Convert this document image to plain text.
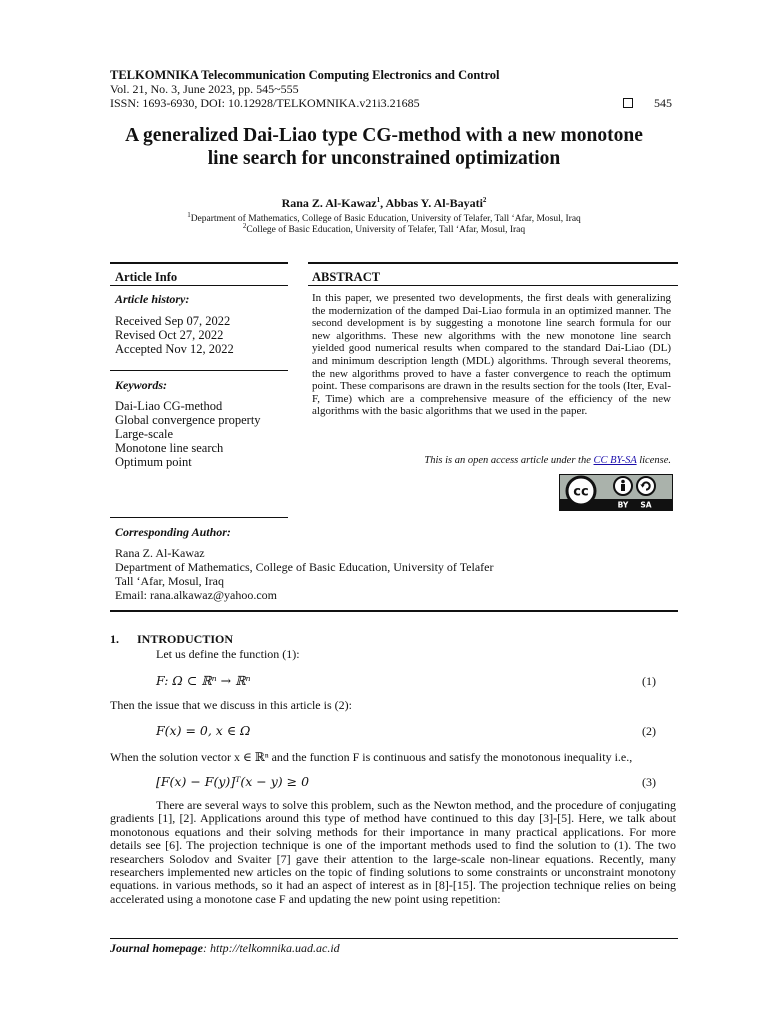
TELKOMNIKA Telecommunication Computing Electronics and Control
Vol. 21, No. 3, June 2023, pp. 545~555
ISSN: 1693-6930, DOI: 10.12928/TELKOMNIKA.v21i3.21685	545
A generalized Dai-Liao type CG-method with a new monotone
line search for unconstrained optimization
Rana Z. Al-Kawaz$^1$, Abbas Y. Al-Bayati$^2$
$^1$Department of Mathematics, College of Basic Education, University of Telafer, Tall ‘Afar, Mosul, Iraq
$^2$College of Basic Education, University of Telafer, Tall ‘Afar, Mosul, Iraq
Article Info
Article history:
Received Sep 07, 2022
Revised Oct 27, 2022
Accepted Nov 12, 2022
Keywords:
Dai-Liao CG-method
Global convergence property
Large-scale
Monotone line search
Optimum point
ABSTRACT
In this paper, we presented two developments, the first deals with generalizing the modernization of the damped Dai-Liao formula in an optimized manner. The second development is by suggesting a monotone line search formula for our new algorithms. These new algorithms with the new monotone line search yielded good numerical results when compared to the standard Dai-Liao (DL) and minimum description length (MDL) algorithms. Through several theorems, the new algorithms proved to have a faster convergence to reach the optimum point. These comparisons are drawn in the results section for the tools (Iter, Eval-F, Time) which are a comprehensive measure of the efficiency of the new algorithms with the basic algorithms that we used in the paper.
This is an open access article under the CC BY-SA license.
cc
BY SA
Corresponding Author:
Rana Z. Al-Kawaz
Department of Mathematics, College of Basic Education, University of Telafer
Tall ‘Afar, Mosul, Iraq
Email: rana.alkawaz@yahoo.com
1. INTRODUCTION
Let us define the function (1):
F: Ω ⊂ ℝⁿ → ℝⁿ	(1)
Then the issue that we discuss in this article is (2):
F(x) = 0, x ∈ Ω	(2)
When the solution vector x ∈ ℝⁿ and the function F is continuous and satisfy the monotonous inequality i.e.,
[F(x) − F(y)]ᵀ(x − y) ≥ 0	(3)
There are several ways to solve this problem, such as the Newton method, and the procedure of conjugating gradients [1], [2]. Applications around this type of method have continued to this day [3]-[5]. Here, we talk about monotonous equations and their solving methods for their importance in many practical applications. For more details see [6]. The projection technique is one of the important methods used to find the solution to (1). The two researchers Solodov and Svaiter [7] gave their attention to the large-scale non-linear equations. Recently, many researchers implemented new articles on the topic of finding solutions to some constraints or unconstraint monotony equations. in various methods, so it had an aspect of interest as in [8]-[15]. The projection technique relies on being accelerated using a monotone case F and updating the new point using repetition:
Journal homepage: http://telkomnika.uad.ac.id
